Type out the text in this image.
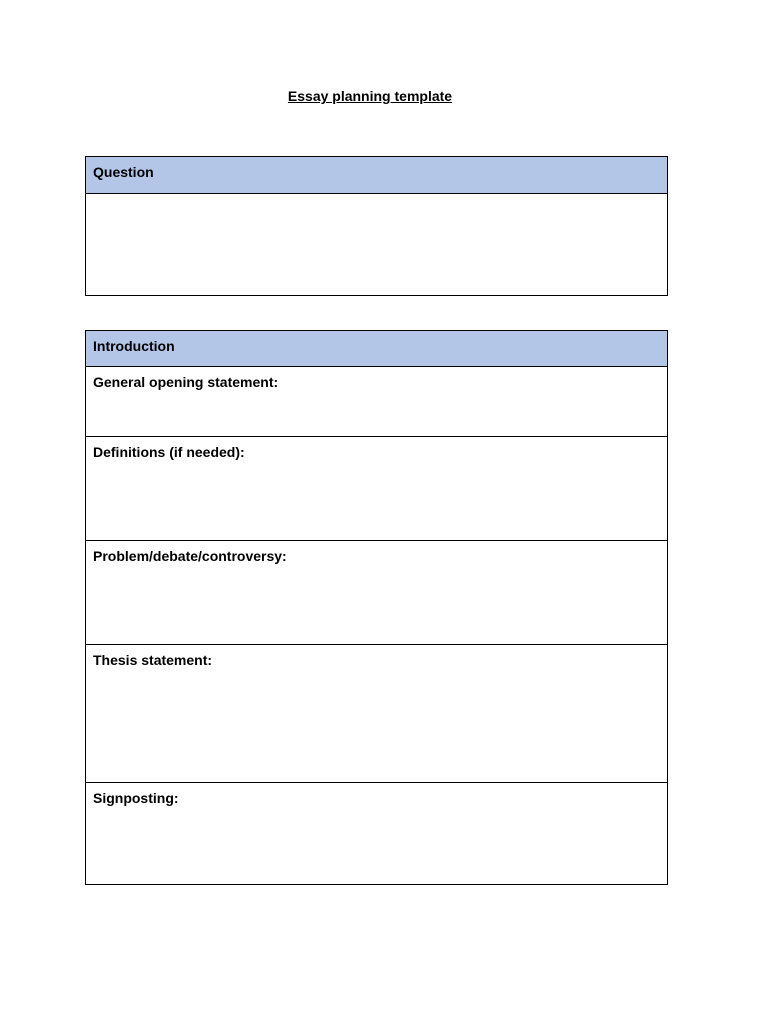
Essay planning template
Question
Introduction
General opening statement:
Definitions (if needed):
Problem/debate/controversy:
Thesis statement:
Signposting:
